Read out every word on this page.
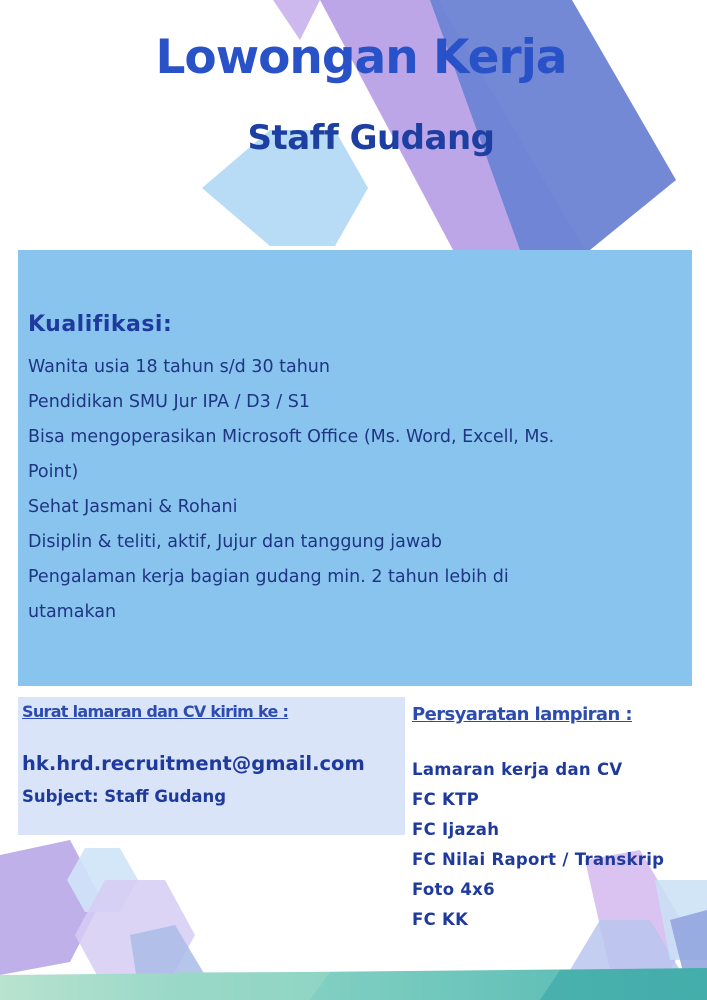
Lowongan Kerja
Staff Gudang
Kualifikasi:
Wanita usia 18 tahun s/d 30 tahun
Pendidikan SMU Jur IPA / D3 / S1
Bisa mengoperasikan Microsoft Office (Ms. Word, Excell, Ms.
Point)
Sehat Jasmani & Rohani
Disiplin & teliti, aktif, Jujur dan tanggung jawab
Pengalaman kerja bagian gudang min. 2 tahun lebih di
utamakan

Surat lamaran dan CV kirim ke :

hk.hrd.recruitment@gmail.com

Subject: Staff Gudang

Persyaratan lampiran :

Lamaran kerja dan CV
FC KTP
FC Ijazah
FC Nilai Raport / Transkrip
Foto 4x6
FC KK
